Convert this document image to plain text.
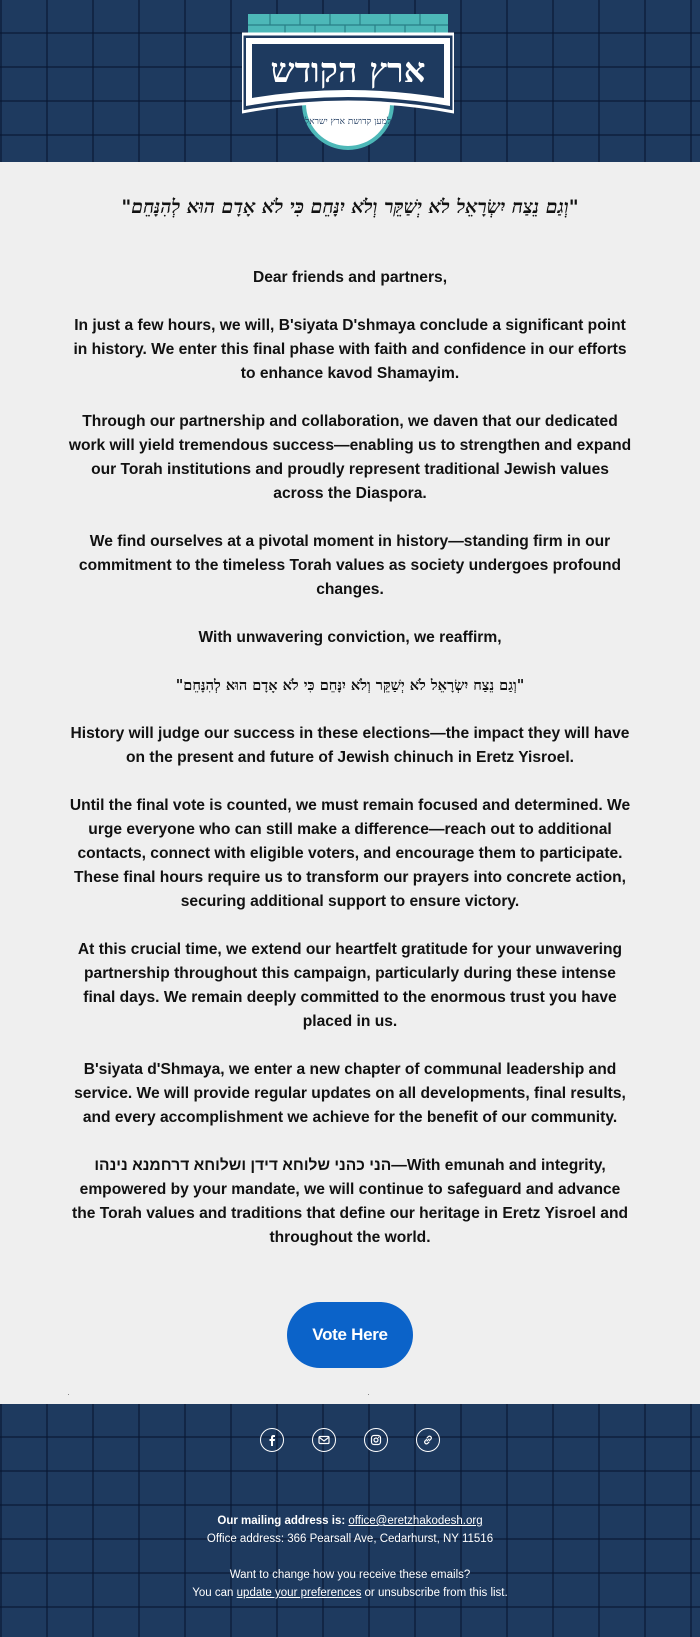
ארץ הקודש
למען קדושת ארץ ישראל
"וְגַם נֵצַח יִשְׂרָאֵל לֹא יְשַׁקֵּר וְלֹא יִנָּחֵם כִּי לֹא אָדָם הוּא לְהִנָּחֵם"

Dear friends and partners,

In just a few hours, we will, B'siyata D'shmaya conclude a significant point in history. We enter this final phase with faith and confidence in our efforts to enhance kavod Shamayim.

Through our partnership and collaboration, we daven that our dedicated work will yield tremendous success—enabling us to strengthen and expand our Torah institutions and proudly represent traditional Jewish values across the Diaspora.

We find ourselves at a pivotal moment in history—standing firm in our commitment to the timeless Torah values as society undergoes profound changes.

With unwavering conviction, we reaffirm,

"וְגַם נֵצַח יִשְׂרָאֵל לֹא יְשַׁקֵּר וְלֹא יִנָּחֵם כִּי לֹא אָדָם הוּא לְהִנָּחֵם"

History will judge our success in these elections—the impact they will have on the present and future of Jewish chinuch in Eretz Yisroel.

Until the final vote is counted, we must remain focused and determined. We urge everyone who can still make a difference—reach out to additional contacts, connect with eligible voters, and encourage them to participate. These final hours require us to transform our prayers into concrete action, securing additional support to ensure victory.

At this crucial time, we extend our heartfelt gratitude for your unwavering partnership throughout this campaign, particularly during these intense final days. We remain deeply committed to the enormous trust you have placed in us.

B'siyata d'Shmaya, we enter a new chapter of communal leadership and service. We will provide regular updates on all developments, final results, and every accomplishment we achieve for the benefit of our community.

הני כהני שלוחא דידן ושלוחא דרחמנא נינהו—With emunah and integrity, empowered by your mandate, we will continue to safeguard and advance the Torah values and traditions that define our heritage in Eretz Yisroel and throughout the world.

Vote Here
Our mailing address is: office@eretzhakodesh.org
Office address: 366 Pearsall Ave, Cedarhurst, NY 11516
Want to change how you receive these emails?
You can update your preferences or unsubscribe from this list.
